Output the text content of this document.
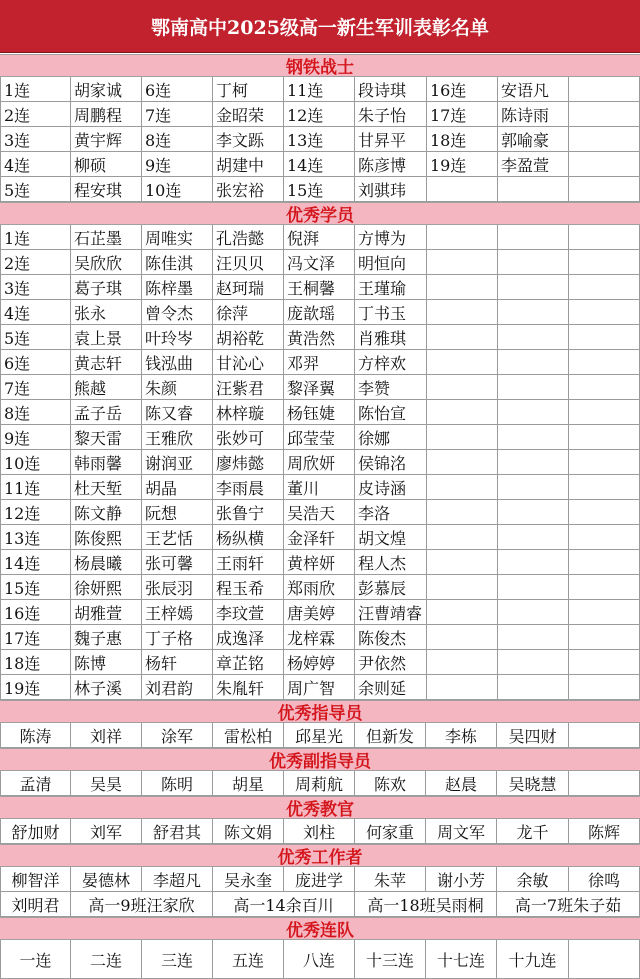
鄂南高中2025级高一新生军训表彰名单
钢铁战士
1连	胡家诚	6连	丁柯	11连	段诗琪	16连	安语凡
2连	周鹏程	7连	金昭荣	12连	朱子怡	17连	陈诗雨
3连	黄宇辉	8连	李文跞	13连	甘昇平	18连	郭喻豪
4连	柳硕	9连	胡建中	14连	陈彦博	19连	李盈萱
5连	程安琪	10连	张宏裕	15连	刘骐玮
优秀学员
1连	石芷墨	周唯实	孔浩懿	倪湃	方博为
2连	吴欣欣	陈佳淇	汪贝贝	冯文泽	明恒向
3连	葛子琪	陈梓墨	赵珂瑞	王桐馨	王瑾瑜
4连	张永	曾令杰	徐萍	庞歆瑶	丁书玉
5连	袁上景	叶玲岑	胡裕乾	黄浩然	肖雅琪
6连	黄志轩	钱泓曲	甘沁心	邓羿	方梓欢
7连	熊越	朱颜	汪紫君	黎泽翼	李赞
8连	孟子岳	陈又睿	林梓璇	杨钰婕	陈怡宣
9连	黎天雷	王雅欣	张妙可	邱莹莹	徐娜
10连	韩雨馨	谢润亚	廖炜懿	周欣妍	侯锦洺
11连	杜天堑	胡晶	李雨晨	董川	皮诗涵
12连	陈文静	阮想	张鲁宁	吴浩天	李洛
13连	陈俊熙	王艺恬	杨纵横	金泽轩	胡文煌
14连	杨晨曦	张可馨	王雨轩	黄梓妍	程人杰
15连	徐妍熙	张辰羽	程玉希	郑雨欣	彭慕辰
16连	胡雅萱	王梓嫣	李玟萱	唐美婷	汪曹靖睿
17连	魏子惠	丁子格	成逸泽	龙梓霖	陈俊杰
18连	陈博	杨轩	章芷铭	杨婷婷	尹依然
19连	林子溪	刘君韵	朱胤轩	周广智	余则延
优秀指导员
陈涛	刘祥	涂军	雷松柏	邱星光	但新发	李栋	吴四财
优秀副指导员
孟清	吴昊	陈明	胡星	周莉航	陈欢	赵晨	吴晓慧
优秀教官
舒加财	刘军	舒君其	陈文娟	刘柱	何家重	周文军	龙千	陈辉
优秀工作者
柳智洋	晏德林	李超凡	吴永奎	庞进学	朱苹	谢小芳	余敏	徐鸣
刘明君	高一9班汪家欣	高一14余百川	高一18班吴雨桐	高一7班朱子茹
优秀连队
一连	二连	三连	五连	八连	十三连	十七连	十九连
